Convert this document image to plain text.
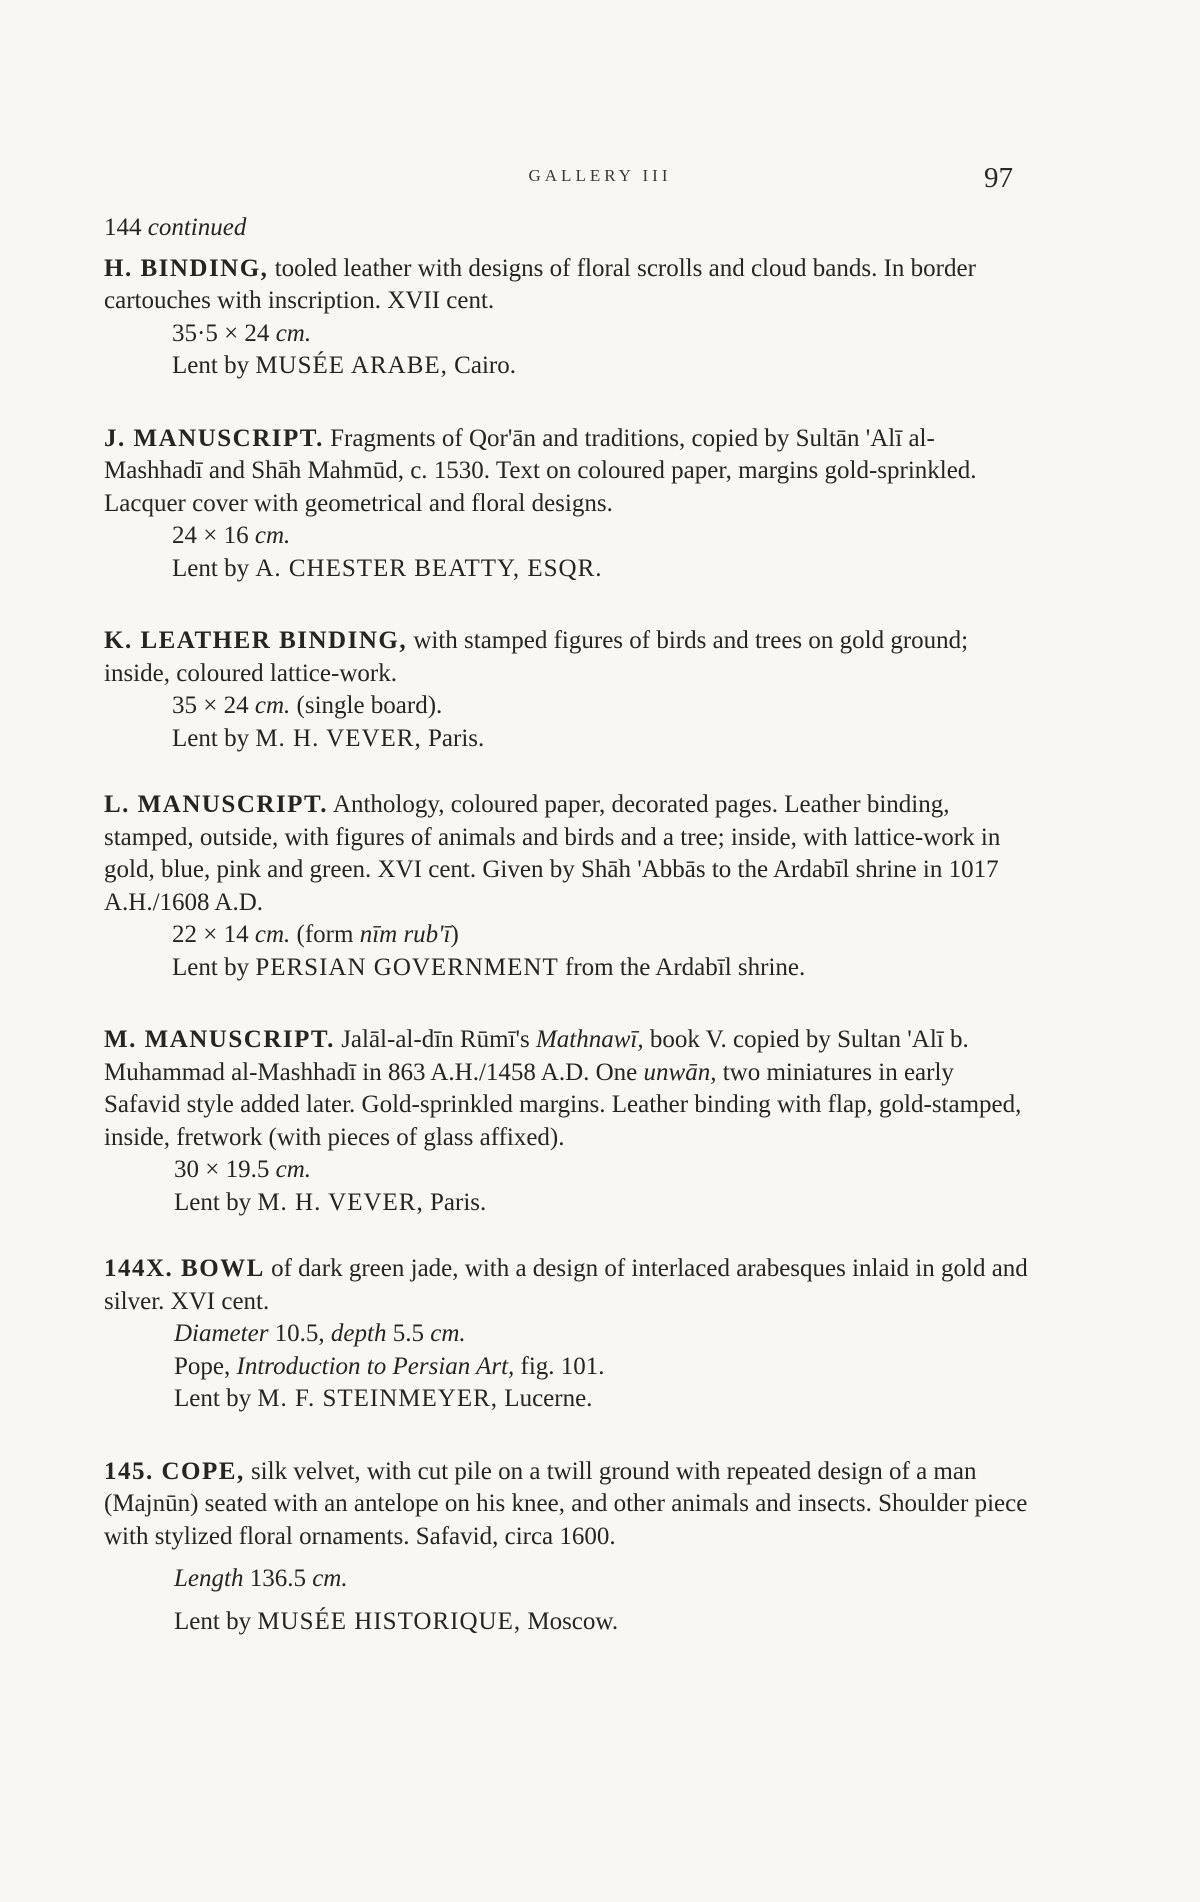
GALLERY III	97

144 continued

H. BINDING, tooled leather with designs of floral scrolls and cloud bands. In border cartouches with inscription. XVII cent.

35·5 × 24 cm.

Lent by MUSÉE ARABE, Cairo.

J. MANUSCRIPT. Fragments of Qor'ān and traditions, copied by Sultān 'Alī al-Mashhadī and Shāh Mahmūd, c. 1530. Text on coloured paper, margins gold-sprinkled. Lacquer cover with geometrical and floral designs.

24 × 16 cm.

Lent by A. CHESTER BEATTY, ESQR.

K. LEATHER BINDING, with stamped figures of birds and trees on gold ground; inside, coloured lattice-work.

35 × 24 cm. (single board).

Lent by M. H. VEVER, Paris.

L. MANUSCRIPT. Anthology, coloured paper, decorated pages. Leather binding, stamped, outside, with figures of animals and birds and a tree; inside, with lattice-work in gold, blue, pink and green. XVI cent. Given by Shāh 'Abbās to the Ardabīl shrine in 1017 A.H./1608 A.D.

22 × 14 cm. (form nīm rub'ī)

Lent by PERSIAN GOVERNMENT from the Ardabīl shrine.

M. MANUSCRIPT. Jalāl-al-dīn Rūmī's Mathnawī, book V. copied by Sultan 'Alī b. Muhammad al-Mashhadī in 863 A.H./1458 A.D. One unwān, two miniatures in early Safavid style added later. Gold-sprinkled margins. Leather binding with flap, gold-stamped, inside, fretwork (with pieces of glass affixed).

30 × 19.5 cm.

Lent by M. H. VEVER, Paris.

144X. BOWL of dark green jade, with a design of interlaced arabesques inlaid in gold and silver. XVI cent.

Diameter 10.5, depth 5.5 cm.

Pope, Introduction to Persian Art, fig. 101.

Lent by M. F. STEINMEYER, Lucerne.

145. COPE, silk velvet, with cut pile on a twill ground with repeated design of a man (Majnūn) seated with an antelope on his knee, and other animals and insects. Shoulder piece with stylized floral ornaments. Safavid, circa 1600.

Length 136.5 cm.

Lent by MUSÉE HISTORIQUE, Moscow.
